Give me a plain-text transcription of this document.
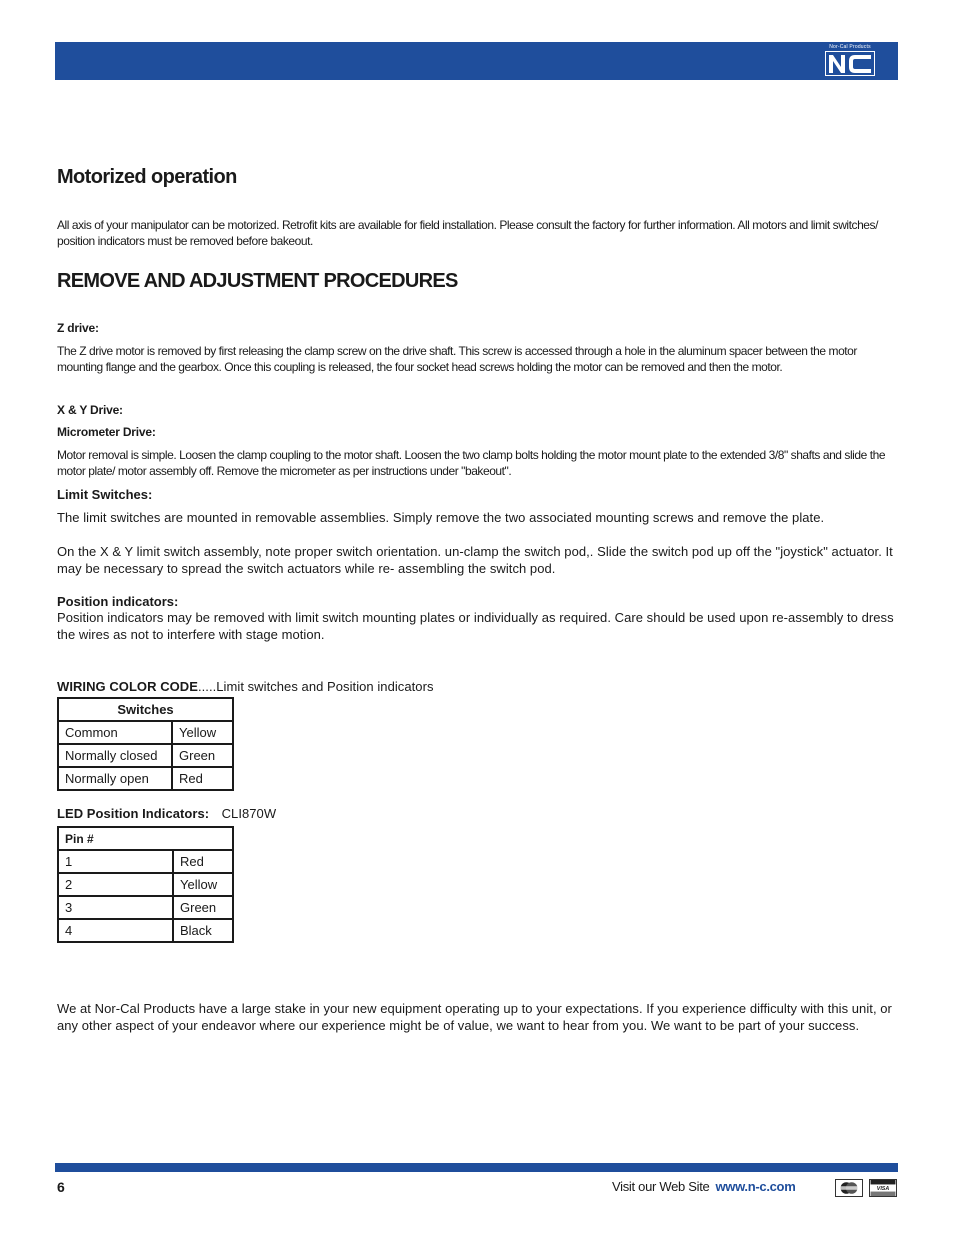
Nor-Cal Products
Motorized operation

All axis of your manipulator can be motorized. Retrofit kits are available for field installation. Please consult the factory for further information. All motors and limit switches/ position indicators must be removed before bakeout.

REMOVE AND ADJUSTMENT PROCEDURES

Z drive:

The Z drive motor is removed by first releasing the clamp screw on the drive shaft. This screw is accessed through a hole in the aluminum spacer between the motor mounting flange and the gearbox. Once this coupling is released, the four socket head screws holding the motor can be removed and then the motor.

X & Y Drive:

Micrometer Drive:

Motor removal is simple. Loosen the clamp coupling to the motor shaft. Loosen the two clamp bolts holding the motor mount plate to the extended 3/8" shafts and slide the motor plate/ motor assembly off. Remove the micrometer as per instructions under "bakeout".

Limit Switches:

The limit switches are mounted in removable assemblies. Simply remove the two associated mounting screws and remove the plate.

On the X & Y limit switch assembly, note proper switch orientation. un-clamp the switch pod,. Slide the switch pod up off the "joystick" actuator. It may be necessary to spread the switch actuators while re- assembling the switch pod.

Position indicators:

Position indicators may be removed with limit switch mounting plates or individually as required. Care should be used upon re-assembly to dress the wires as not to interfere with stage motion.

WIRING COLOR CODE.....Limit switches and Position indicators
Switches	
Common	Yellow
Normally closed	Green
Normally open	Red
LED Position Indicators: CLI870W
Pin #	
1	Red
2	Yellow
3	Green
4	Black

We at Nor-Cal Products have a large stake in your new equipment operating up to your expectations. If you experience difficulty with this unit, or any other aspect of your endeavor where our experience might be of value, we want to hear from you. We want to be part of your success.

6	Visit our Web Site www.n-c.com	VISA
